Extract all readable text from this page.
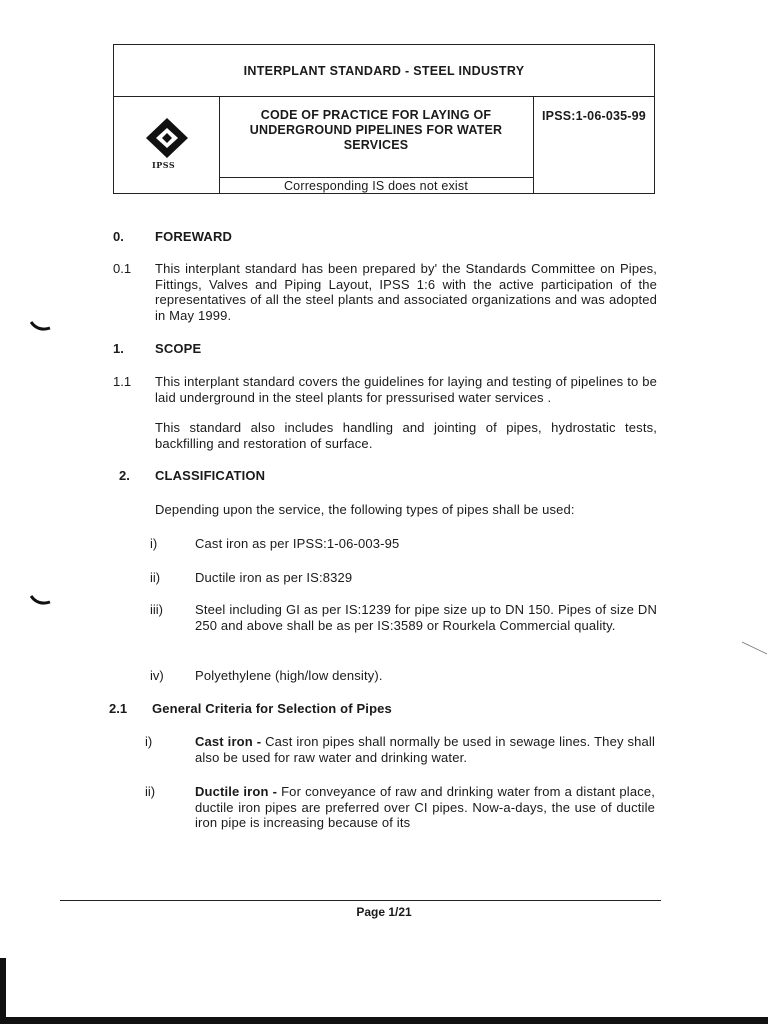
INTERPLANT STANDARD - STEEL INDUSTRY
IPSS
CODE OF PRACTICE FOR LAYING OF
UNDERGROUND PIPELINES FOR WATER
SERVICES
Corresponding IS does not exist
IPSS:1-06-035-99
0. FOREWARD
0.1 This interplant standard has been prepared by' the Standards Committee on Pipes, Fittings, Valves and Piping Layout, IPSS 1:6 with the active participation of the representatives of all the steel plants and associated organizations and was adopted in May 1999.
1. SCOPE
1.1 This interplant standard covers the guidelines for laying and testing of pipelines to be laid underground in the steel plants for pressurised water services .
This standard also includes handling and jointing of pipes, hydrostatic tests, backfilling and restoration of surface.
2. CLASSIFICATION
Depending upon the service, the following types of pipes shall be used:
i)	Cast iron as per IPSS:1-06-003-95
ii)	Ductile iron as per IS:8329
iii) Steel including GI as per IS:1239 for pipe size up to DN 150. Pipes of size DN 250 and above shall be as per IS:3589 or Rourkela Commercial quality.
iv) Polyethylene (high/low density).
2.1 General Criteria for Selection of Pipes
i)	Cast iron - Cast iron pipes shall normally be used in sewage lines. They shall also be used for raw water and drinking water.
ii)	Ductile iron - For conveyance of raw and drinking water from a distant place, ductile iron pipes are preferred over CI pipes. Now-a-days, the use of ductile iron pipe is increasing because of its
Page 1/21
